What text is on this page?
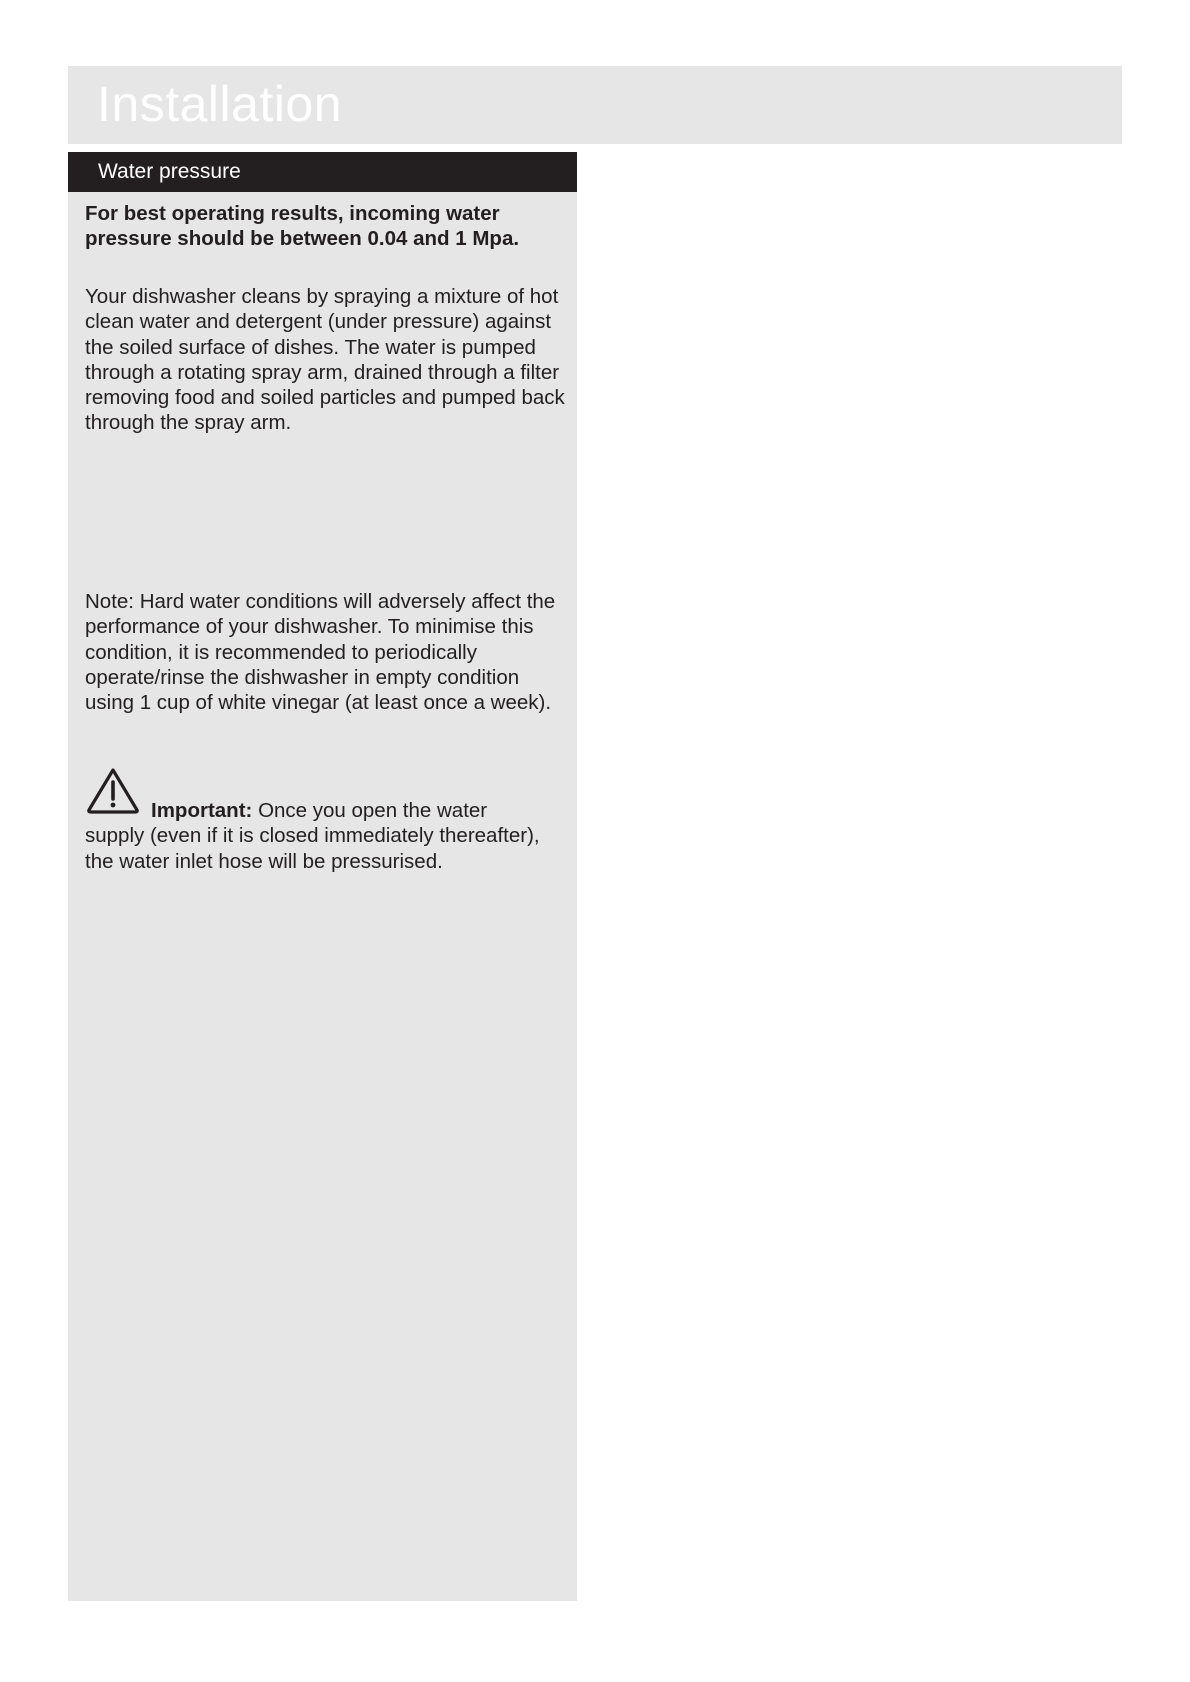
Installation
Water pressure

For best operating results, incoming water pressure should be between 0.04 and 1 Mpa.

Your dishwasher cleans by spraying a mixture of hot clean water and detergent (under pressure) against the soiled surface of dishes. The water is pumped through a rotating spray arm, drained through a filter removing food and soiled particles and pumped back through the spray arm.

Note: Hard water conditions will adversely affect the performance of your dishwasher. To minimise this condition, it is recommended to periodically operate/rinse the dishwasher in empty condition using 1 cup of white vinegar (at least once a week).

Important: Once you open the water
supply (even if it is closed immediately thereafter), the water inlet hose will be pressurised.
